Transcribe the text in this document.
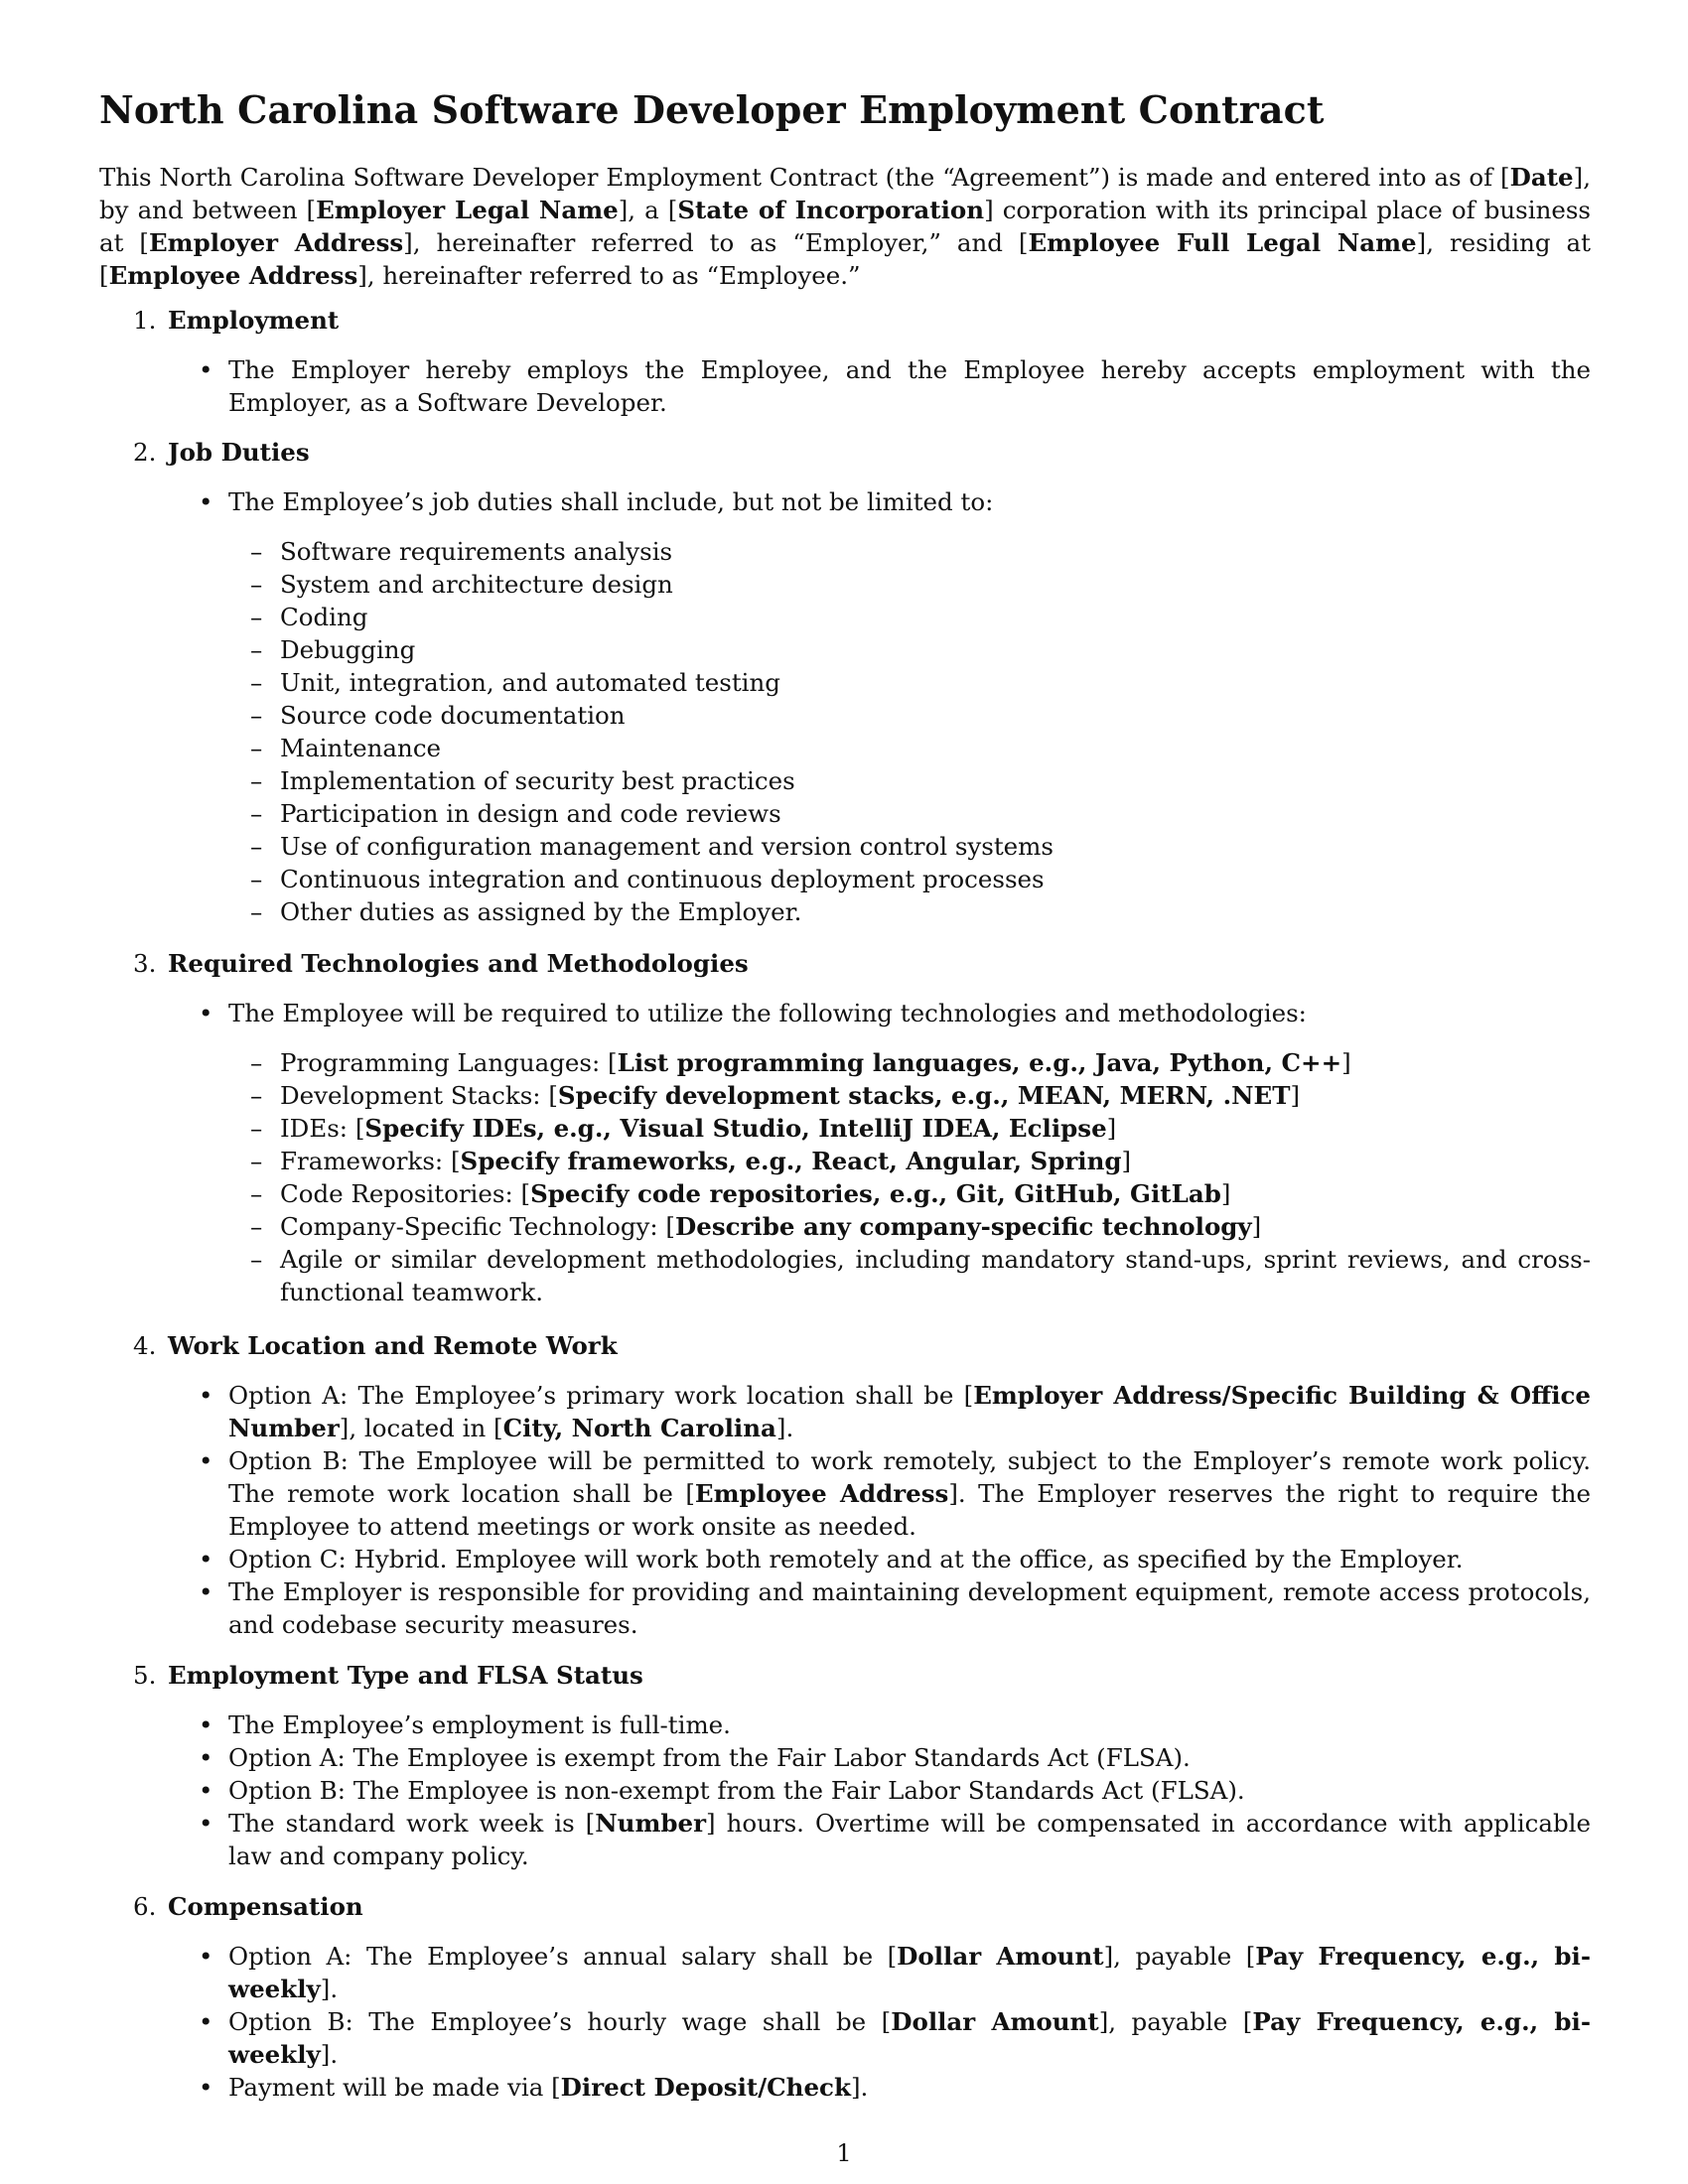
North Carolina Software Developer Employment Contract

This North Carolina Software Developer Employment Contract (the “Agreement”) is made and entered into as of [Date], by and between [Employer Legal Name], a [State of Incorporation] corporation with its principal place of business at [Employer Address], hereinafter referred to as “Employer,” and [Employee Full Legal Name], residing at [Employee Address], hereinafter referred to as “Employee.”

1. Employment
• The Employer hereby employs the Employee, and the Employee hereby accepts employment with the Employer, as a Software Developer.
2. Job Duties
• The Employee’s job duties shall include, but not be limited to:
– Software requirements analysis
– System and architecture design
– Coding
– Debugging
– Unit, integration, and automated testing
– Source code documentation
– Maintenance
– Implementation of security best practices
– Participation in design and code reviews
– Use of configuration management and version control systems
– Continuous integration and continuous deployment processes
– Other duties as assigned by the Employer.
3. Required Technologies and Methodologies
• The Employee will be required to utilize the following technologies and methodologies:
– Programming Languages: [List programming languages, e.g., Java, Python, C++]
– Development Stacks: [Specify development stacks, e.g., MEAN, MERN, .NET]
– IDEs: [Specify IDEs, e.g., Visual Studio, IntelliJ IDEA, Eclipse]
– Frameworks: [Specify frameworks, e.g., React, Angular, Spring]
– Code Repositories: [Specify code repositories, e.g., Git, GitHub, GitLab]
– Company-Specific Technology: [Describe any company-specific technology]
– Agile or similar development methodologies, including mandatory stand-ups, sprint reviews, and cross-functional teamwork.
4. Work Location and Remote Work
• Option A: The Employee’s primary work location shall be [Employer Address/Specific Building & Office Number], located in [City, North Carolina].
• Option B: The Employee will be permitted to work remotely, subject to the Employer’s remote work policy. The remote work location shall be [Employee Address]. The Employer reserves the right to require the Employee to attend meetings or work onsite as needed.
• Option C: Hybrid. Employee will work both remotely and at the office, as specified by the Employer.
• The Employer is responsible for providing and maintaining development equipment, remote access protocols, and codebase security measures.
5. Employment Type and FLSA Status
• The Employee’s employment is full-time.
• Option A: The Employee is exempt from the Fair Labor Standards Act (FLSA).
• Option B: The Employee is non-exempt from the Fair Labor Standards Act (FLSA).
• The standard work week is [Number] hours. Overtime will be compensated in accordance with applicable law and company policy.
6. Compensation
• Option A: The Employee’s annual salary shall be [Dollar Amount], payable [Pay Frequency, e.g., bi-weekly].
• Option B: The Employee’s hourly wage shall be [Dollar Amount], payable [Pay Frequency, e.g., bi-weekly].
• Payment will be made via [Direct Deposit/Check].
1
